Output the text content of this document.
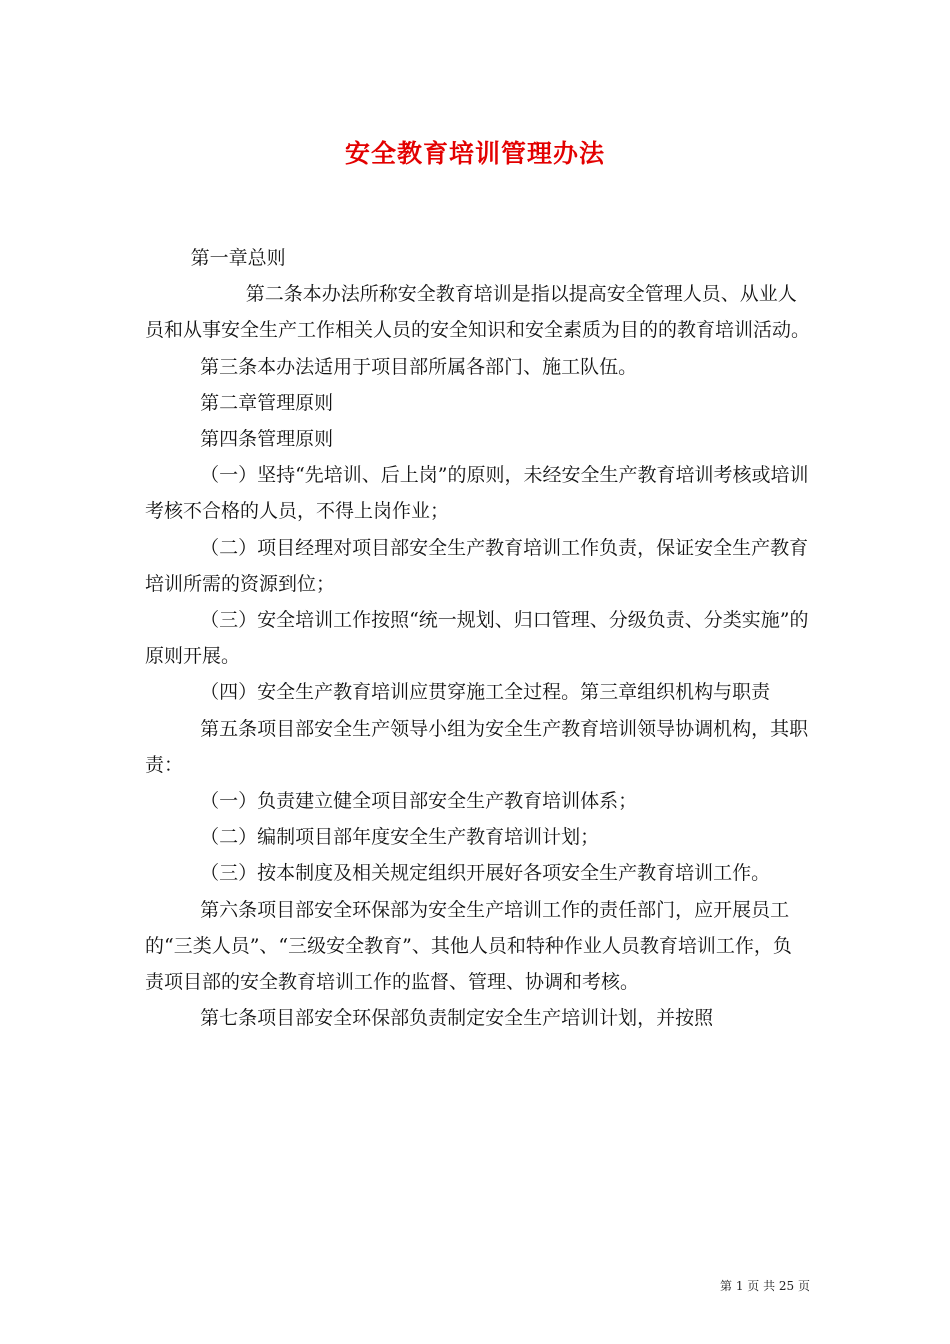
安全教育培训管理办法

第一章总则

第二条本办法所称安全教育培训是指以提高安全管理人员、从业人员和从事安全生产工作相关人员的安全知识和安全素质为目的的教育培训活动。

第三条本办法适用于项目部所属各部门、施工队伍。

第二章管理原则

第四条管理原则

（一）坚持“先培训、后上岗”的原则，未经安全生产教育培训考核或培训考核不合格的人员，不得上岗作业；

（二）项目经理对项目部安全生产教育培训工作负责，保证安全生产教育培训所需的资源到位；

（三）安全培训工作按照“统一规划、归口管理、分级负责、分类实施”的原则开展。

（四）安全生产教育培训应贯穿施工全过程。第三章组织机构与职责

第五条项目部安全生产领导小组为安全生产教育培训领导协调机构，其职责：

（一）负责建立健全项目部安全生产教育培训体系；

（二）编制项目部年度安全生产教育培训计划；

（三）按本制度及相关规定组织开展好各项安全生产教育培训工作。

第六条项目部安全环保部为安全生产培训工作的责任部门，应开展员工的“三类人员”、“三级安全教育”、其他人员和特种作业人员教育培训工作，负责项目部的安全教育培训工作的监督、管理、协调和考核。

第七条项目部安全环保部负责制定安全生产培训计划，并按照

第 1 页 共 25 页
